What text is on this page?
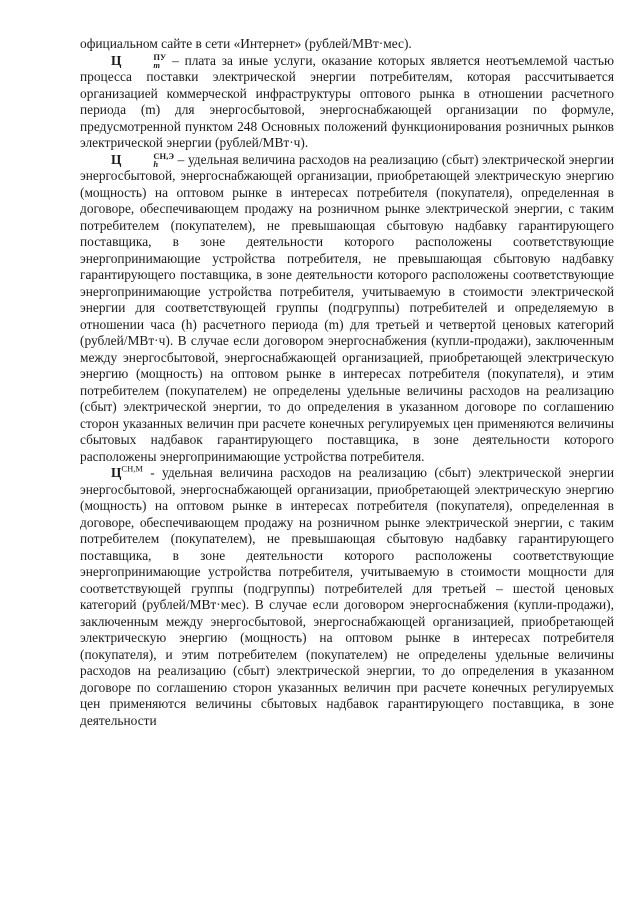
официальном сайте в сети «Интернет» (рублей/МВт·мес).

Ц	ПУ
m – плата за иные услуги, оказание которых является неотъемлемой частью процесса поставки электрической энергии потребителям, которая рассчитывается организацией коммерческой инфраструктуры оптового рынка в отношении расчетного периода (m) для энергосбытовой, энергоснабжающей организации по формуле, предусмотренной пунктом 248 Основных положений функционирования розничных рынков электрической энергии (рублей/МВт·ч).

Ц	СН,Э
h	– удельная величина расходов на реализацию (сбыт) электрической энергии энергосбытовой, энергоснабжающей организации, приобретающей электрическую энергию (мощность) на оптовом рынке в интересах потребителя (покупателя), определенная в договоре, обеспечивающем продажу на розничном рынке электрической энергии, с таким потребителем (покупателем), не превышающая сбытовую надбавку гарантирующего поставщика, в зоне деятельности которого расположены соответствующие энергопринимающие устройства потребителя, не превышающая сбытовую надбавку гарантирующего поставщика, в зоне деятельности которого расположены соответствующие энергопринимающие устройства потребителя, учитываемую в стоимости электрической энергии для соответствующей группы (подгруппы) потребителей и определяемую в отношении часа (h) расчетного периода (m) для третьей и четвертой ценовых категорий (рублей/МВт·ч). В случае если договором энергоснабжения (купли-продажи), заключенным между энергосбытовой, энергоснабжающей организацией, приобретающей электрическую энергию (мощность) на оптовом рынке в интересах потребителя (покупателя), и этим потребителем (покупателем) не определены удельные величины расходов на реализацию (сбыт) электрической энергии, то до определения в указанном договоре по соглашению сторон указанных величин при расчете конечных регулируемых цен применяются величины сбытовых надбавок гарантирующего поставщика, в зоне деятельности которого расположены энергопринимающие устройства потребителя.

$Ц^{СН,М}$ - удельная величина расходов на реализацию (сбыт) электрической энергии энергосбытовой, энергоснабжающей организации, приобретающей электрическую энергию (мощность) на оптовом рынке в интересах потребителя (покупателя), определенная в договоре, обеспечивающем продажу на розничном рынке электрической энергии, с таким потребителем (покупателем), не превышающая сбытовую надбавку гарантирующего поставщика, в зоне деятельности которого расположены соответствующие энергопринимающие устройства потребителя, учитываемую в стоимости мощности для соответствующей группы (подгруппы) потребителей для третьей – шестой ценовых категорий (рублей/МВт·мес). В случае если договором энергоснабжения (купли-продажи), заключенным между энергосбытовой, энергоснабжающей организацией, приобретающей электрическую энергию (мощность) на оптовом рынке в интересах потребителя (покупателя), и этим потребителем (покупателем) не определены удельные величины расходов на реализацию (сбыт) электрической энергии, то до определения в указанном договоре по соглашению сторон указанных величин при расчете конечных регулируемых цен применяются величины сбытовых надбавок гарантирующего поставщика, в зоне деятельности
